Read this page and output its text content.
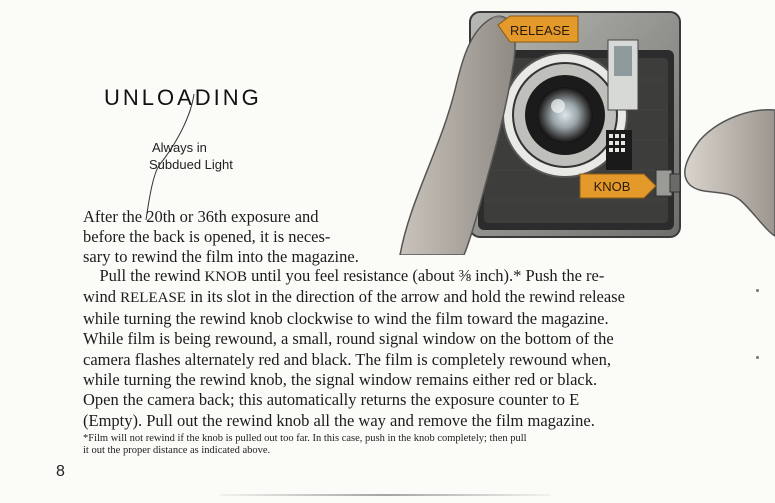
UNLOADING
Always in
Subdued Light
RELEASE
KNOB
After the 20th or 36th exposure and
before the back is opened, it is neces-
sary to rewind the film into the magazine.
Pull the rewind KNOB until you feel resistance (about ⅜ inch).* Push the re-
wind RELEASE in its slot in the direction of the arrow and hold the rewind release
while turning the rewind knob clockwise to wind the film toward the magazine.
While film is being rewound, a small, round signal window on the bottom of the
camera flashes alternately red and black. The film is completely rewound when,
while turning the rewind knob, the signal window remains either red or black.
Open the camera back; this automatically returns the exposure counter to E
(Empty). Pull out the rewind knob all the way and remove the film magazine.
*Film will not rewind if the knob is pulled out too far. In this case, push in the knob completely; then pull
it out the proper distance as indicated above.
8
